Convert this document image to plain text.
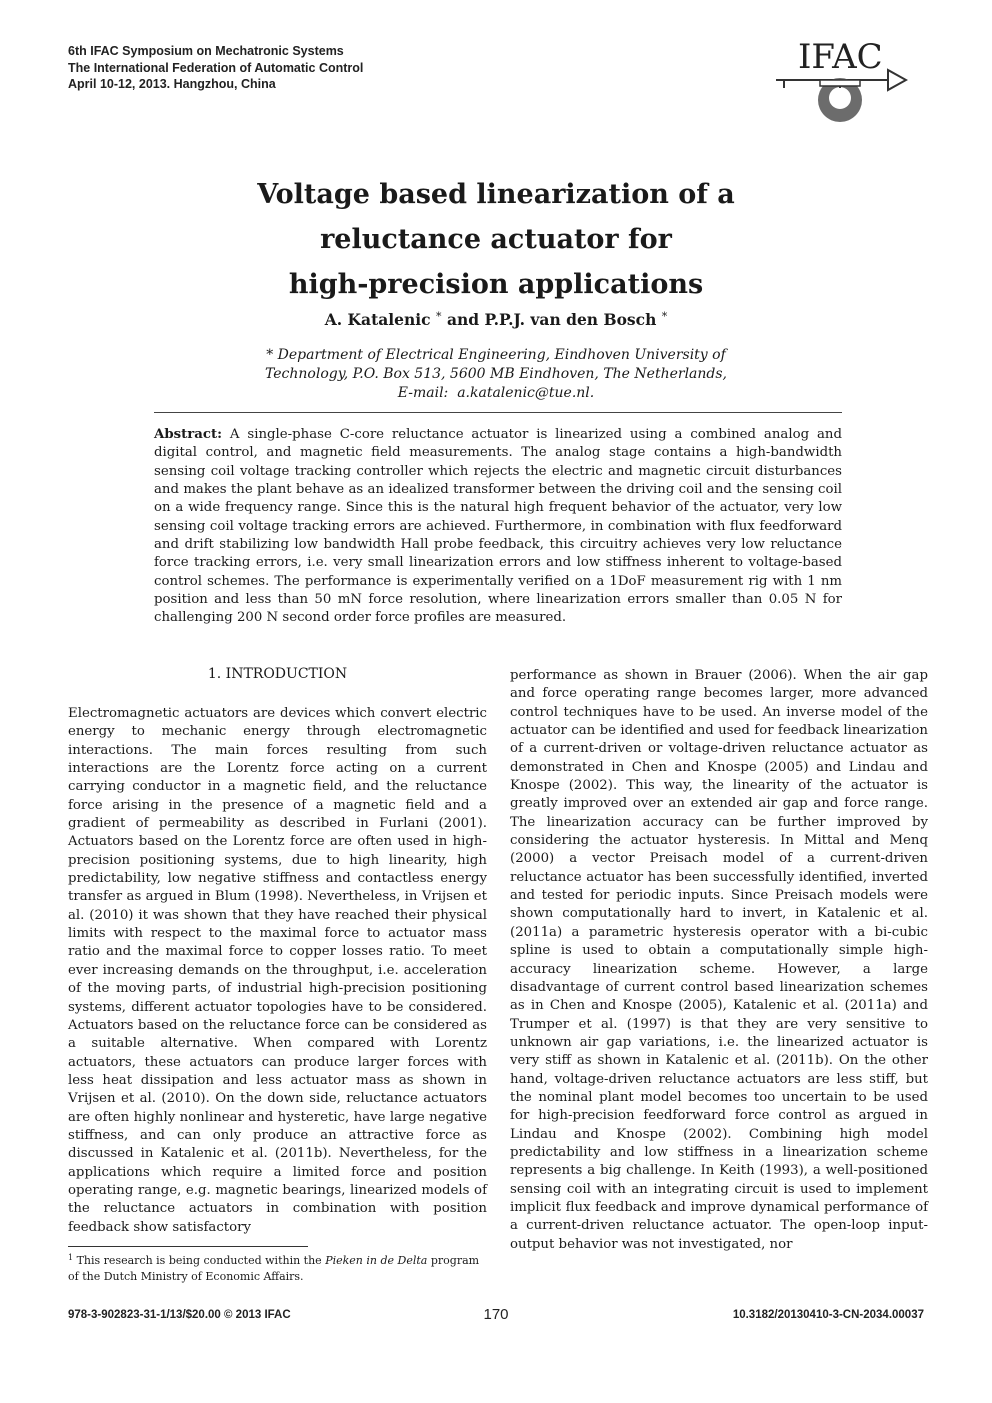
6th IFAC Symposium on Mechatronic Systems
The International Federation of Automatic Control
April 10-12, 2013. Hangzhou, China
IFAC
Voltage based linearization of a
reluctance actuator for
high-precision applications
A. Katalenic * and P.P.J. van den Bosch *
* Department of Electrical Engineering, Eindhoven University of
Technology, P.O. Box 513, 5600 MB Eindhoven, The Netherlands,
E-mail: a.katalenic@tue.nl.
Abstract: A single-phase C-core reluctance actuator is linearized using a combined analog and digital control, and magnetic field measurements. The analog stage contains a high-bandwidth sensing coil voltage tracking controller which rejects the electric and magnetic circuit disturbances and makes the plant behave as an idealized transformer between the driving coil and the sensing coil on a wide frequency range. Since this is the natural high frequent behavior of the actuator, very low sensing coil voltage tracking errors are achieved. Furthermore, in combination with flux feedforward and drift stabilizing low bandwidth Hall probe feedback, this circuitry achieves very low reluctance force tracking errors, i.e. very small linearization errors and low stiffness inherent to voltage-based control schemes. The performance is experimentally verified on a 1DoF measurement rig with 1 nm position and less than 50 mN force resolution, where linearization errors smaller than 0.05 N for challenging 200 N second order force profiles are measured.
1. INTRODUCTION
Electromagnetic actuators are devices which convert electric energy to mechanic energy through electromagnetic interactions. The main forces resulting from such interactions are the Lorentz force acting on a current carrying conductor in a magnetic field, and the reluctance force arising in the presence of a magnetic field and a gradient of permeability as described in Furlani (2001). Actuators based on the Lorentz force are often used in high-precision positioning systems, due to high linearity, high predictability, low negative stiffness and contactless energy transfer as argued in Blum (1998). Nevertheless, in Vrijsen et al. (2010) it was shown that they have reached their physical limits with respect to the maximal force to actuator mass ratio and the maximal force to copper losses ratio. To meet ever increasing demands on the throughput, i.e. acceleration of the moving parts, of industrial high-precision positioning systems, different actuator topologies have to be considered. Actuators based on the reluctance force can be considered as a suitable alternative. When compared with Lorentz actuators, these actuators can produce larger forces with less heat dissipation and less actuator mass as shown in Vrijsen et al. (2010). On the down side, reluctance actuators are often highly nonlinear and hysteretic, have large negative stiffness, and can only produce an attractive force as discussed in Katalenic et al. (2011b). Nevertheless, for the applications which require a limited force and position operating range, e.g. magnetic bearings, linearized models of the reluctance actuators in combination with position feedback show satisfactory
performance as shown in Brauer (2006). When the air gap and force operating range becomes larger, more advanced control techniques have to be used. An inverse model of the actuator can be identified and used for feedback linearization of a current-driven or voltage-driven reluctance actuator as demonstrated in Chen and Knospe (2005) and Lindau and Knospe (2002). This way, the linearity of the actuator is greatly improved over an extended air gap and force range. The linearization accuracy can be further improved by considering the actuator hysteresis. In Mittal and Menq (2000) a vector Preisach model of a current-driven reluctance actuator has been successfully identified, inverted and tested for periodic inputs. Since Preisach models were shown computationally hard to invert, in Katalenic et al. (2011a) a parametric hysteresis operator with a bi-cubic spline is used to obtain a computationally simple high-accuracy linearization scheme. However, a large disadvantage of current control based linearization schemes as in Chen and Knospe (2005), Katalenic et al. (2011a) and Trumper et al. (1997) is that they are very sensitive to unknown air gap variations, i.e. the linearized actuator is very stiff as shown in Katalenic et al. (2011b). On the other hand, voltage-driven reluctance actuators are less stiff, but the nominal plant model becomes too uncertain to be used for high-precision feedforward force control as argued in Lindau and Knospe (2002). Combining high model predictability and low stiffness in a linearization scheme represents a big challenge. In Keith (1993), a well-positioned sensing coil with an integrating circuit is used to implement implicit flux feedback and improve dynamical performance of a current-driven reluctance actuator. The open-loop input-output behavior was not investigated, nor
$^1$ This research is being conducted within the Pieken in de Delta program of the Dutch Ministry of Economic Affairs.
978-3-902823-31-1/13/$20.00 © 2013 IFAC	170	10.3182/20130410-3-CN-2034.00037
